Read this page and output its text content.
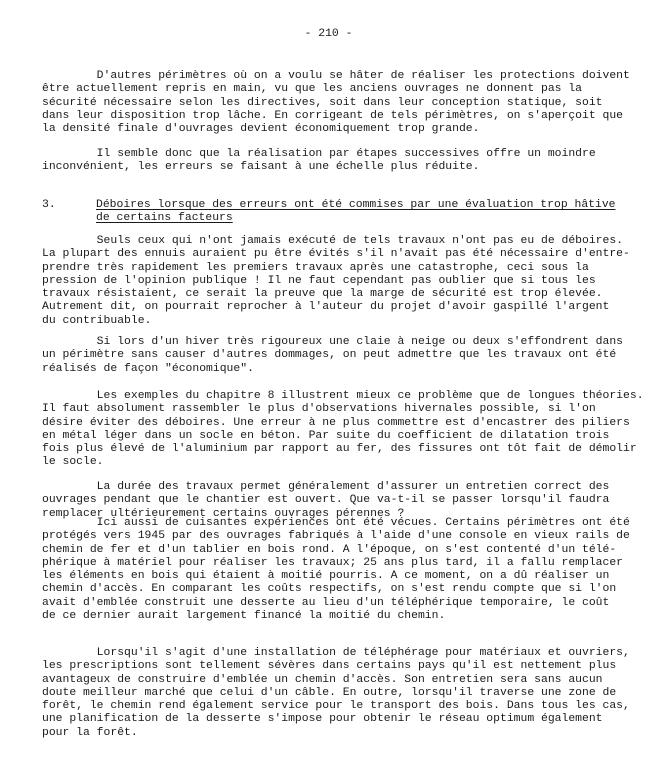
- 210 -
D'autres périmètres où on a voulu se hâter de réaliser les protections doivent
être actuellement repris en main, vu que les anciens ouvrages ne donnent pas la
sécurité nécessaire selon les directives, soit dans leur conception statique, soit
dans leur disposition trop lâche. En corrigeant de tels périmètres, on s'aperçoit que
la densité finale d'ouvrages devient économiquement trop grande.
Il semble donc que la réalisation par étapes successives offre un moindre
inconvénient, les erreurs se faisant à une échelle plus réduite.
3.	Déboires lorsque des erreurs ont été commises par une évaluation trop hâtive
de certains facteurs
Seuls ceux qui n'ont jamais exécuté de tels travaux n'ont pas eu de déboires.
La plupart des ennuis auraient pu être évités s'il n'avait pas été nécessaire d'entre-
prendre très rapidement les premiers travaux après une catastrophe, ceci sous la
pression de l'opinion publique ! Il ne faut cependant pas oublier que si tous les
travaux résistaient, ce serait la preuve que la marge de sécurité est trop élevée.
Autrement dit, on pourrait reprocher à l'auteur du projet d'avoir gaspillé l'argent
du contribuable.
Si lors d'un hiver très rigoureux une claie à neige ou deux s'effondrent dans
un périmètre sans causer d'autres dommages, on peut admettre que les travaux ont été
réalisés de façon "économique".
Les exemples du chapitre 8 illustrent mieux ce problème que de longues théories.
Il faut absolument rassembler le plus d'observations hivernales possible, si l'on
désire éviter des déboires. Une erreur à ne plus commettre est d'encastrer des piliers
en métal léger dans un socle en béton. Par suite du coefficient de dilatation trois
fois plus élevé de l'aluminium par rapport au fer, des fissures ont tôt fait de démolir
le socle.
La durée des travaux permet généralement d'assurer un entretien correct des
ouvrages pendant que le chantier est ouvert. Que va-t-il se passer lorsqu'il faudra
remplacer ultérieurement certains ouvrages pérennes ?
Ici aussi de cuisantes expériences ont été vécues. Certains périmètres ont été
protégés vers 1945 par des ouvrages fabriqués à l'aide d'une console en vieux rails de
chemin de fer et d'un tablier en bois rond. A l'époque, on s'est contenté d'un télé-
phérique à matériel pour réaliser les travaux; 25 ans plus tard, il a fallu remplacer
les éléments en bois qui étaient à moitié pourris. A ce moment, on a dû réaliser un
chemin d'accès. En comparant les coûts respectifs, on s'est rendu compte que si l'on
avait d'emblée construit une desserte au lieu d'un téléphérique temporaire, le coût
de ce dernier aurait largement financé la moitié du chemin.
Lorsqu'il s'agit d'une installation de téléphérage pour matériaux et ouvriers,
les prescriptions sont tellement sévères dans certains pays qu'il est nettement plus
avantageux de construire d'emblée un chemin d'accès. Son entretien sera sans aucun
doute meilleur marché que celui d'un câble. En outre, lorsqu'il traverse une zone de
forêt, le chemin rend également service pour le transport des bois. Dans tous les cas,
une planification de la desserte s'impose pour obtenir le réseau optimum également
pour la forêt.
